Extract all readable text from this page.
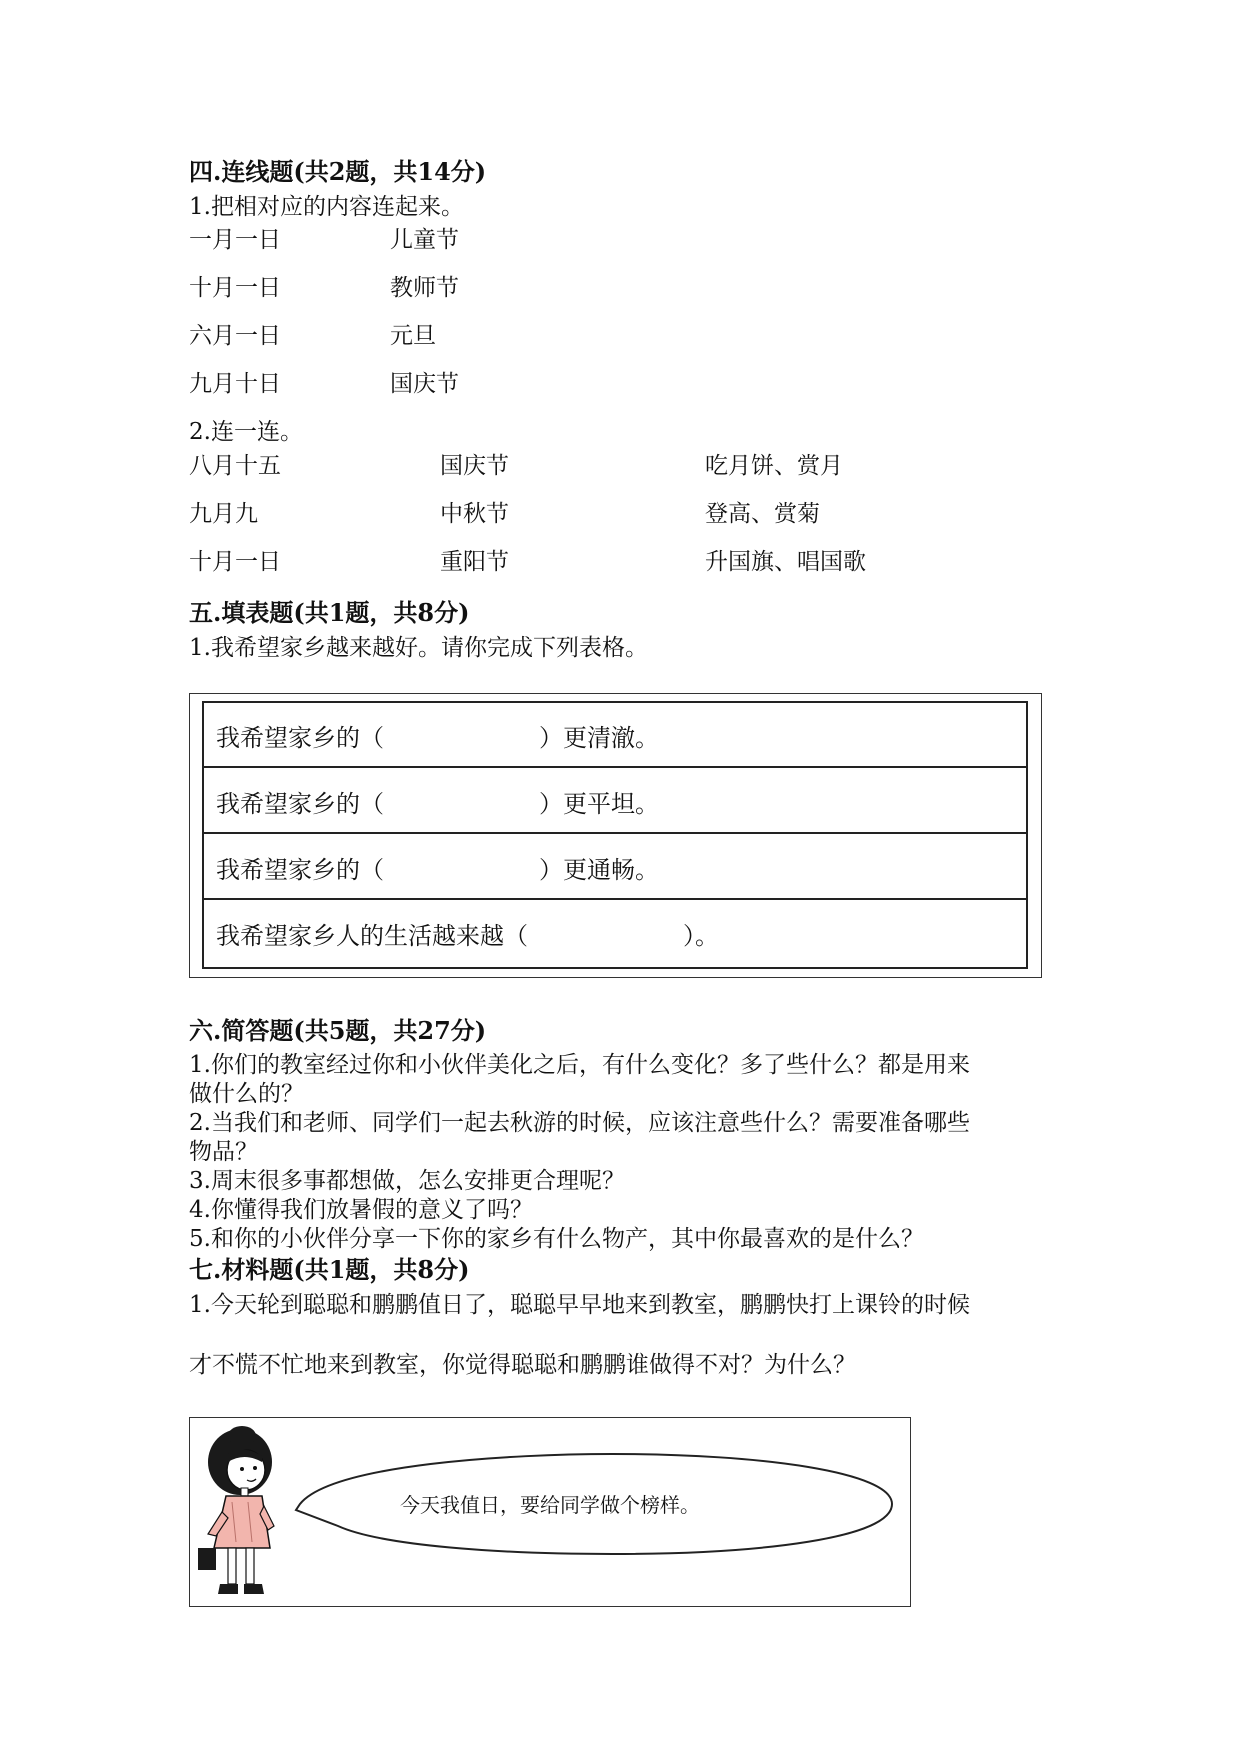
四.连线题(共2题，共14分)
1.把相对应的内容连起来。
一月一日	儿童节
十月一日	教师节
六月一日	元旦
九月十日	国庆节
2.连一连。
八月十五	国庆节	吃月饼、赏月
九月九	中秋节	登高、赏菊
十月一日	重阳节	升国旗、唱国歌
五.填表题(共1题，共8分)
1.我希望家乡越来越好。请你完成下列表格。
我希望家乡的（	）更清澈。
我希望家乡的（	）更平坦。
我希望家乡的（	）更通畅。
我希望家乡人的生活越来越（	）。
六.简答题(共5题，共27分)
1.你们的教室经过你和小伙伴美化之后，有什么变化？多了些什么？都是用来
做什么的？
2.当我们和老师、同学们一起去秋游的时候，应该注意些什么？需要准备哪些
物品？
3.周末很多事都想做，怎么安排更合理呢？
4.你懂得我们放暑假的意义了吗？
5.和你的小伙伴分享一下你的家乡有什么物产，其中你最喜欢的是什么？
七.材料题(共1题，共8分)
1.今天轮到聪聪和鹏鹏值日了，聪聪早早地来到教室，鹏鹏快打上课铃的时候
才不慌不忙地来到教室，你觉得聪聪和鹏鹏谁做得不对？为什么？
今天我值日，要给同学做个榜样。
